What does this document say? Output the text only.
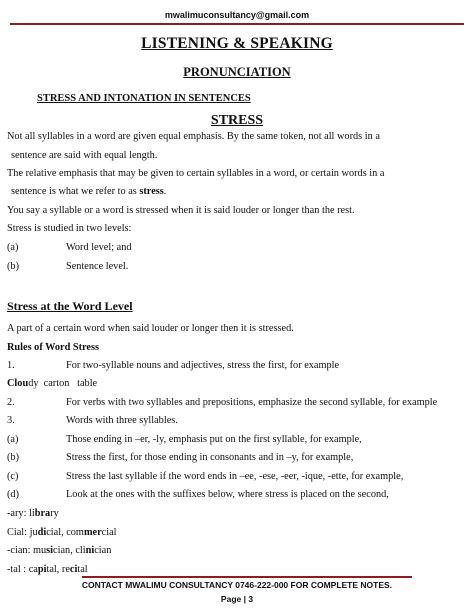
mwalimuconsultancy@gmail.com
LISTENING & SPEAKING
PRONUNCIATION
STRESS AND INTONATION IN SENTENCES
STRESS
Not all syllables in a word are given equal emphasis. By the same token, not all words in a
sentence are said with equal length.
The relative emphasis that may be given to certain syllables in a word, or certain words in a
sentence is what we refer to as stress.
You say a syllable or a word is stressed when it is said louder or longer than the rest.
Stress is studied in two levels:
(a)	Word level; and
(b)	Sentence level.
Stress at the Word Level
A part of a certain word when said louder or longer then it is stressed.
Rules of Word Stress
1.	For two-syllable nouns and adjectives, stress the first, for example
Cloudy carton table
2.	For verbs with two syllables and prepositions, emphasize the second syllable, for example
3.	Words with three syllables.
(a)	Those ending in –er, -ly, emphasis put on the first syllable, for example,
(b)	Stress the first, for those ending in consonants and in –y, for example,
(c)	Stress the last syllable if the word ends in –ee, -ese, -eer, -ique, -ette, for example,
(d)	Look at the ones with the suffixes below, where stress is placed on the second,
-ary: library
Cial: judicial, commercial
-cian: musician, clinician
-tal : capital, recital
CONTACT MWALIMU CONSULTANCY 0746-222-000 FOR COMPLETE NOTES.
Page | 3
